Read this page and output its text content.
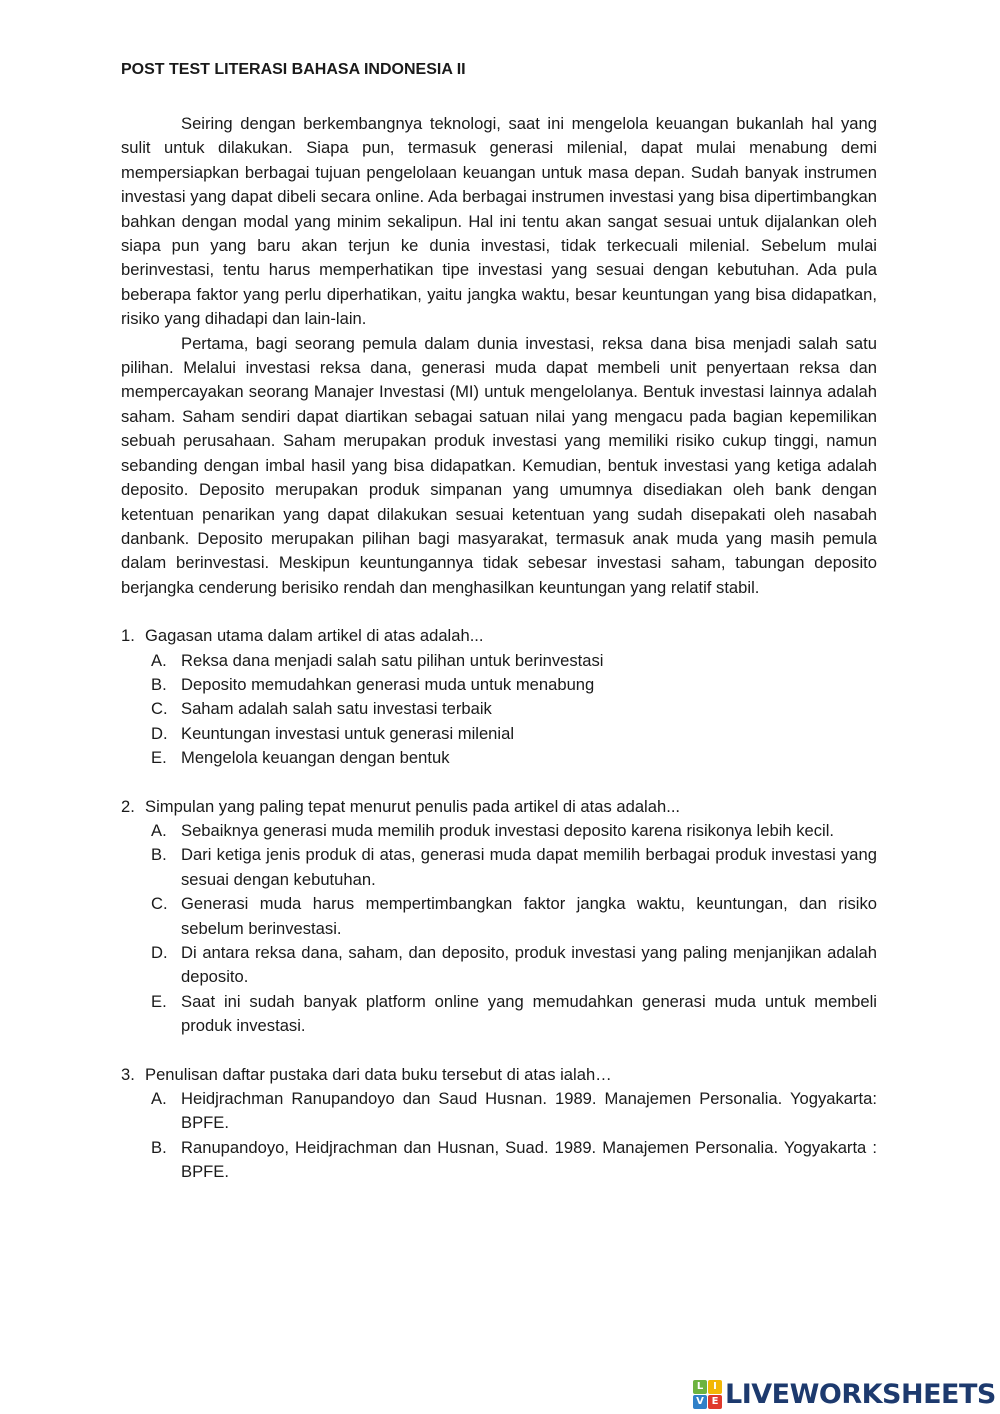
POST TEST LITERASI BAHASA INDONESIA II

Seiring dengan berkembangnya teknologi, saat ini mengelola keuangan bukanlah hal yang sulit untuk dilakukan. Siapa pun, termasuk generasi milenial, dapat mulai menabung demi mempersiapkan berbagai tujuan pengelolaan keuangan untuk masa depan. Sudah banyak instrumen investasi yang dapat dibeli secara online. Ada berbagai instrumen investasi yang bisa dipertimbangkan bahkan dengan modal yang minim sekalipun. Hal ini tentu akan sangat sesuai untuk dijalankan oleh siapa pun yang baru akan terjun ke dunia investasi, tidak terkecuali milenial. Sebelum mulai berinvestasi, tentu harus memperhatikan tipe investasi yang sesuai dengan kebutuhan. Ada pula beberapa faktor yang perlu diperhatikan, yaitu jangka waktu, besar keuntungan yang bisa didapatkan, risiko yang dihadapi dan lain-lain.

Pertama, bagi seorang pemula dalam dunia investasi, reksa dana bisa menjadi salah satu pilihan. Melalui investasi reksa dana, generasi muda dapat membeli unit penyertaan reksa dan mempercayakan seorang Manajer Investasi (MI) untuk mengelolanya. Bentuk investasi lainnya adalah saham. Saham sendiri dapat diartikan sebagai satuan nilai yang mengacu pada bagian kepemilikan sebuah perusahaan. Saham merupakan produk investasi yang memiliki risiko cukup tinggi, namun sebanding dengan imbal hasil yang bisa didapatkan. Kemudian, bentuk investasi yang ketiga adalah deposito. Deposito merupakan produk simpanan yang umumnya disediakan oleh bank dengan ketentuan penarikan yang dapat dilakukan sesuai ketentuan yang sudah disepakati oleh nasabah danbank. Deposito merupakan pilihan bagi masyarakat, termasuk anak muda yang masih pemula dalam berinvestasi. Meskipun keuntungannya tidak sebesar investasi saham, tabungan deposito berjangka cenderung berisiko rendah dan menghasilkan keuntungan yang relatif stabil.

1. Gagasan utama dalam artikel di atas adalah...
A. Reksa dana menjadi salah satu pilihan untuk berinvestasi
B. Deposito memudahkan generasi muda untuk menabung
C. Saham adalah salah satu investasi terbaik
D. Keuntungan investasi untuk generasi milenial
E. Mengelola keuangan dengan bentuk
2. Simpulan yang paling tepat menurut penulis pada artikel di atas adalah...
A. Sebaiknya generasi muda memilih produk investasi deposito karena risikonya lebih kecil.
B. Dari ketiga jenis produk di atas, generasi muda dapat memilih berbagai produk investasi yang sesuai dengan kebutuhan.
C. Generasi muda harus mempertimbangkan faktor jangka waktu, keuntungan, dan risiko sebelum berinvestasi.
D. Di antara reksa dana, saham, dan deposito, produk investasi yang paling menjanjikan adalah deposito.
E. Saat ini sudah banyak platform online yang memudahkan generasi muda untuk membeli produk investasi.
3. Penulisan daftar pustaka dari data buku tersebut di atas ialah…
A. Heidjrachman Ranupandoyo dan Saud Husnan. 1989. Manajemen Personalia. Yogyakarta: BPFE.
B. Ranupandoyo, Heidjrachman dan Husnan, Suad. 1989. Manajemen Personalia. Yogyakarta : BPFE.
L I
V E LIVEWORKSHEETS
